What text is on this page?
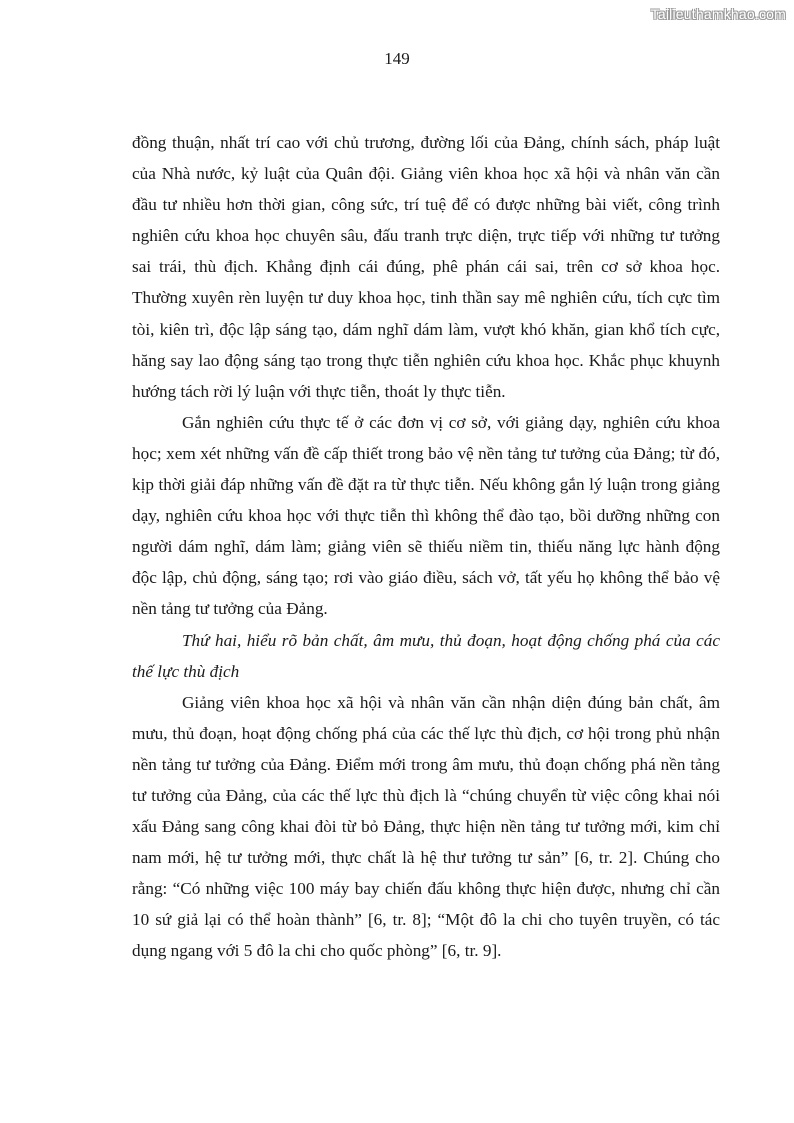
Tailieuthamkhao.com
149

đồng thuận, nhất trí cao với chủ trương, đường lối của Đảng, chính sách, pháp luật của Nhà nước, kỷ luật của Quân đội. Giảng viên khoa học xã hội và nhân văn cần đầu tư nhiều hơn thời gian, công sức, trí tuệ để có được những bài viết, công trình nghiên cứu khoa học chuyên sâu, đấu tranh trực diện, trực tiếp với những tư tưởng sai trái, thù địch. Khẳng định cái đúng, phê phán cái sai, trên cơ sở khoa học. Thường xuyên rèn luyện tư duy khoa học, tinh thần say mê nghiên cứu, tích cực tìm tòi, kiên trì, độc lập sáng tạo, dám nghĩ dám làm, vượt khó khăn, gian khổ tích cực, hăng say lao động sáng tạo trong thực tiễn nghiên cứu khoa học. Khắc phục khuynh hướng tách rời lý luận với thực tiễn, thoát ly thực tiễn.

Gắn nghiên cứu thực tế ở các đơn vị cơ sở, với giảng dạy, nghiên cứu khoa học; xem xét những vấn đề cấp thiết trong bảo vệ nền tảng tư tưởng của Đảng; từ đó, kịp thời giải đáp những vấn đề đặt ra từ thực tiễn. Nếu không gắn lý luận trong giảng dạy, nghiên cứu khoa học với thực tiễn thì không thể đào tạo, bồi dưỡng những con người dám nghĩ, dám làm; giảng viên sẽ thiếu niềm tin, thiếu năng lực hành động độc lập, chủ động, sáng tạo; rơi vào giáo điều, sách vở, tất yếu họ không thể bảo vệ nền tảng tư tưởng của Đảng.

Thứ hai, hiểu rõ bản chất, âm mưu, thủ đoạn, hoạt động chống phá của các thế lực thù địch

Giảng viên khoa học xã hội và nhân văn cần nhận diện đúng bản chất, âm mưu, thủ đoạn, hoạt động chống phá của các thế lực thù địch, cơ hội trong phủ nhận nền tảng tư tưởng của Đảng. Điểm mới trong âm mưu, thủ đoạn chống phá nền tảng tư tưởng của Đảng, của các thế lực thù địch là “chúng chuyển từ việc công khai nói xấu Đảng sang công khai đòi từ bỏ Đảng, thực hiện nền tảng tư tưởng mới, kim chỉ nam mới, hệ tư tưởng mới, thực chất là hệ thư tưởng tư sản” [6, tr. 2]. Chúng cho rằng: “Có những việc 100 máy bay chiến đấu không thực hiện được, nhưng chỉ cần 10 sứ giả lại có thể hoàn thành” [6, tr. 8]; “Một đô la chi cho tuyên truyền, có tác dụng ngang với 5 đô la chi cho quốc phòng” [6, tr. 9].
